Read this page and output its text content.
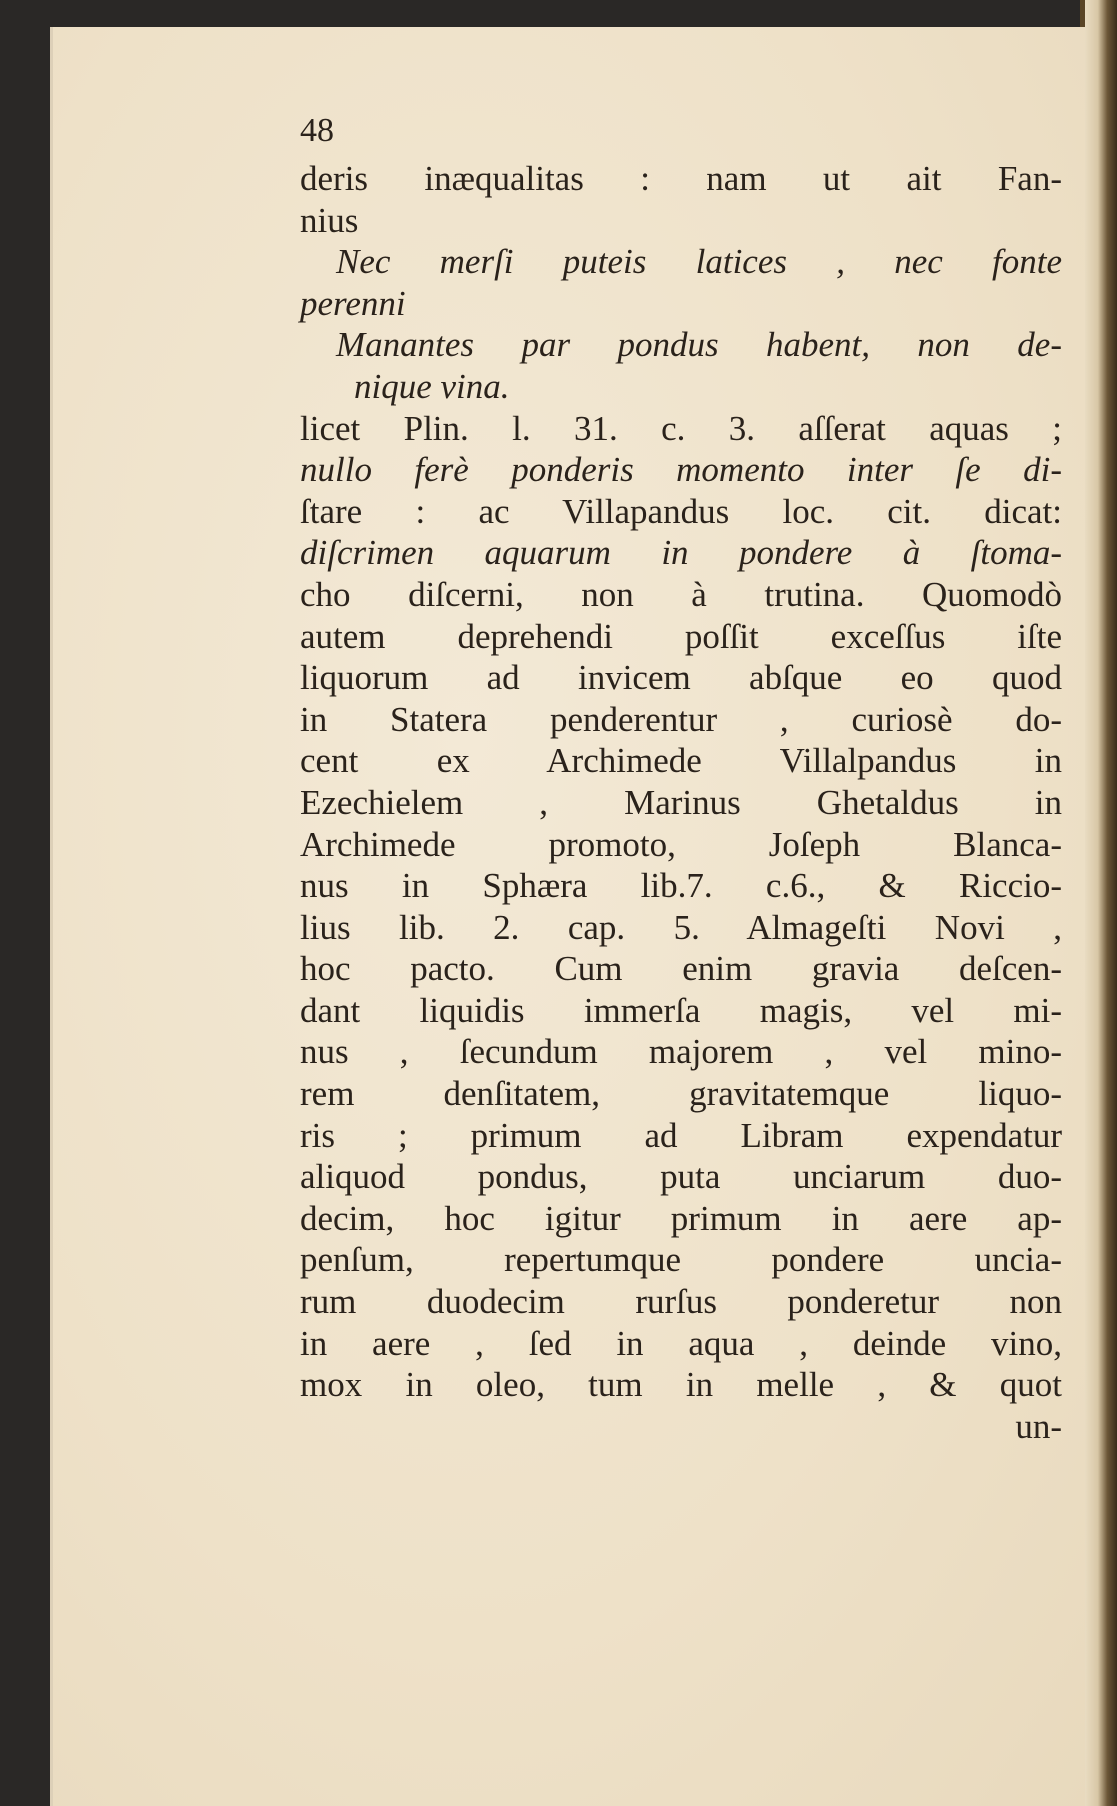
48
deris inæqualitas : nam ut ait Fan-
nius
Nec merſi puteis latices , nec fonte
perenni
Manantes par pondus habent, non de-
nique vina.
licet Plin. l. 31. c. 3. aſſerat aquas ;
nullo ferè ponderis momento inter ſe di-
ſtare : ac Villapandus loc. cit. dicat:
diſcrimen aquarum in pondere à ſtoma-
cho diſcerni, non à trutina. Quomodò
autem deprehendi poſſit exceſſus iſte
liquorum ad invicem abſque eo quod
in Statera penderentur , curiosè do-
cent ex Archimede Villalpandus in
Ezechielem , Marinus Ghetaldus in
Archimede promoto, Joſeph Blanca-
nus in Sphæra lib.7. c.6., & Riccio-
lius lib. 2. cap. 5. Almageſti Novi ,
hoc pacto. Cum enim gravia deſcen-
dant liquidis immerſa magis, vel mi-
nus , ſecundum majorem , vel mino-
rem denſitatem, gravitatemque liquo-
ris ; primum ad Libram expendatur
aliquod pondus, puta unciarum duo-
decim, hoc igitur primum in aere ap-
penſum, repertumque pondere uncia-
rum duodecim rurſus ponderetur non
in aere , ſed in aqua , deinde vino,
mox in oleo, tum in melle , & quot
un-
